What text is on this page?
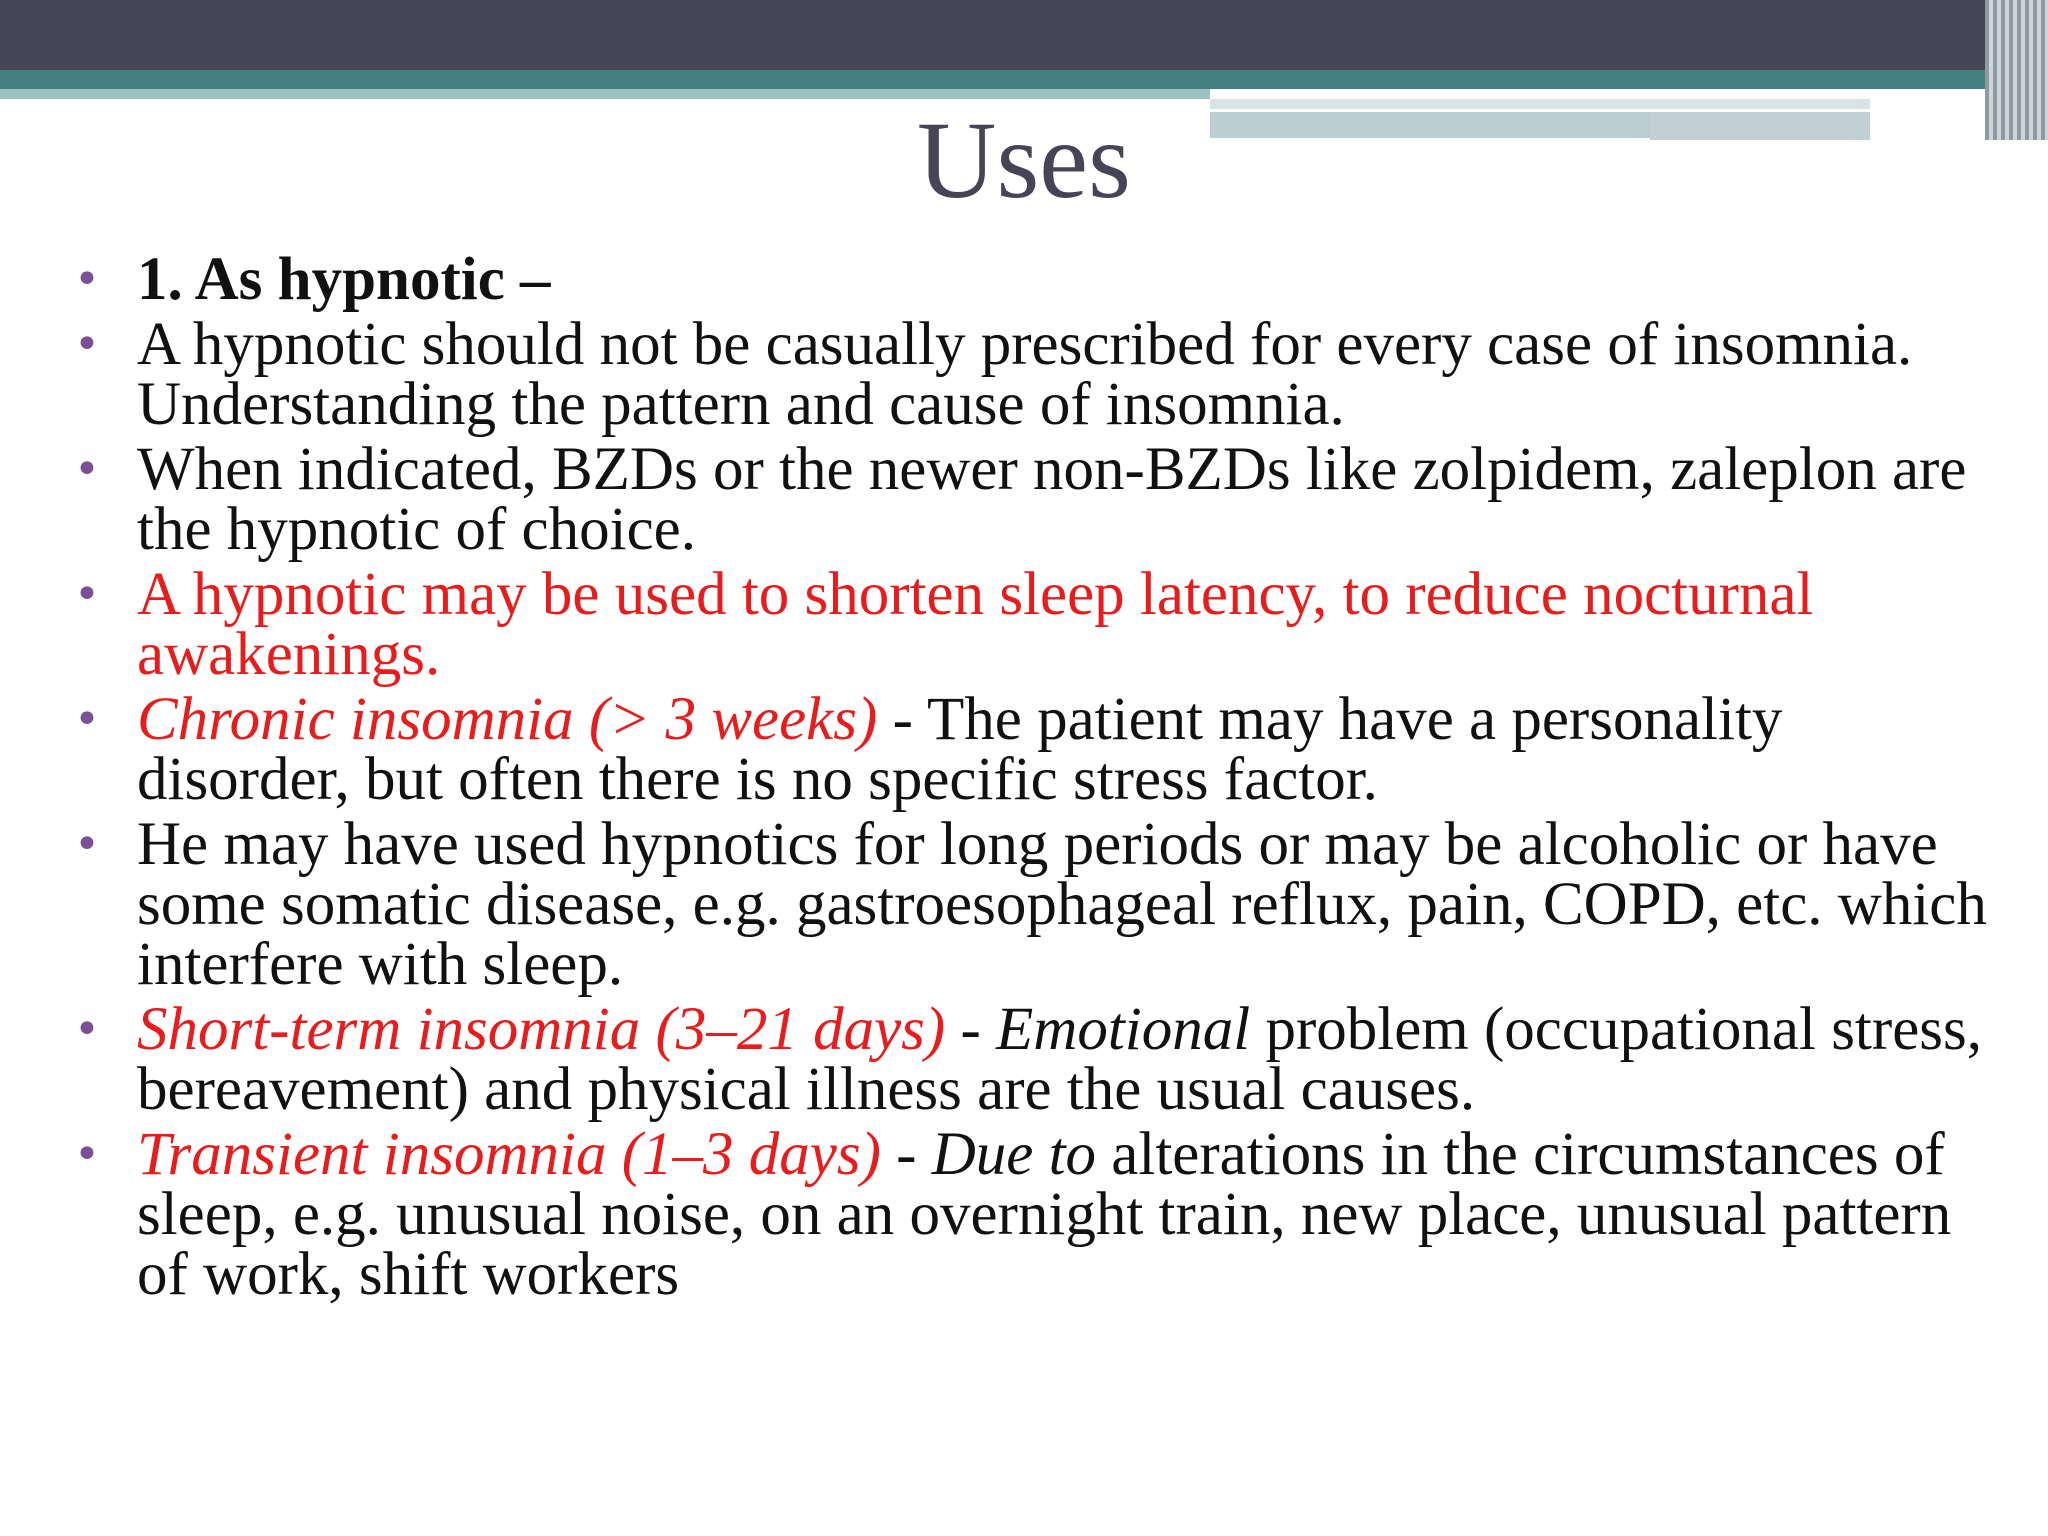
Uses
• 1. As hypnotic –
• A hypnotic should not be casually prescribed for every case of insomnia. Understanding the pattern and cause of insomnia.
• When indicated, BZDs or the newer non-BZDs like zolpidem, zaleplon are the hypnotic of choice.
• A hypnotic may be used to shorten sleep latency, to reduce nocturnal awakenings.
• Chronic insomnia (> 3 weeks) - The patient may have a personality disorder, but often there is no specific stress factor.
• He may have used hypnotics for long periods or may be alcoholic or have some somatic disease, e.g. gastroesophageal reflux, pain, COPD, etc. which interfere with sleep.
• Short-term insomnia (3–21 days) - Emotional problem (occupational stress, bereavement) and physical illness are the usual causes.
• Transient insomnia (1–3 days) - Due to alterations in the circumstances of sleep, e.g. unusual noise, on an overnight train, new place, unusual pattern of work, shift workers
